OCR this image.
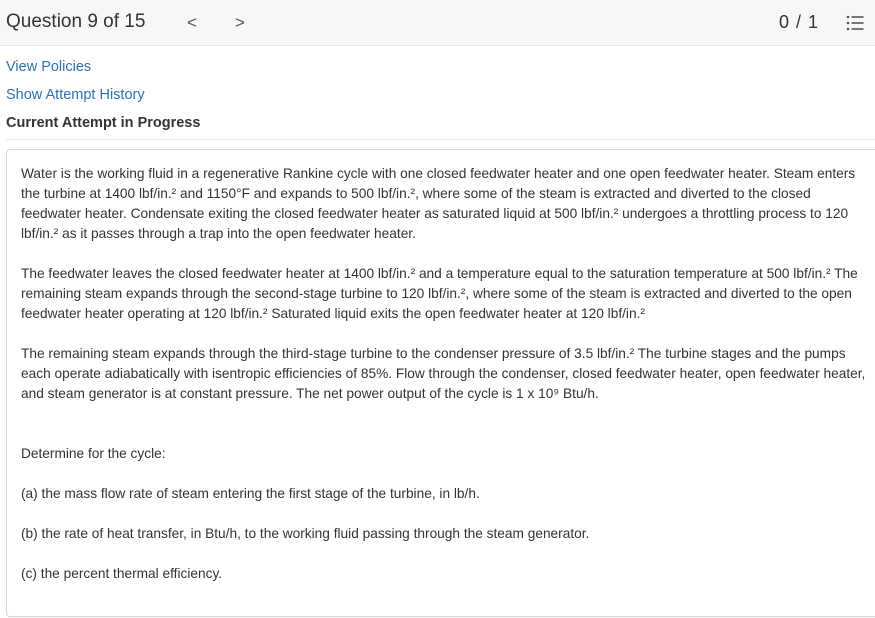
Question 9 of 15 < >	0 / 1
View Policies
Show Attempt History
Current Attempt in Progress

Water is the working fluid in a regenerative Rankine cycle with one closed feedwater heater and one open feedwater heater. Steam enters the turbine at 1400 lbf/in.² and 1150°F and expands to 500 lbf/in.², where some of the steam is extracted and diverted to the closed feedwater heater. Condensate exiting the closed feedwater heater as saturated liquid at 500 lbf/in.² undergoes a throttling process to 120 lbf/in.² as it passes through a trap into the open feedwater heater.

The feedwater leaves the closed feedwater heater at 1400 lbf/in.² and a temperature equal to the saturation temperature at 500 lbf/in.² The remaining steam expands through the second-stage turbine to 120 lbf/in.², where some of the steam is extracted and diverted to the open feedwater heater operating at 120 lbf/in.² Saturated liquid exits the open feedwater heater at 120 lbf/in.²

The remaining steam expands through the third-stage turbine to the condenser pressure of 3.5 lbf/in.² The turbine stages and the pumps each operate adiabatically with isentropic efficiencies of 85%. Flow through the condenser, closed feedwater heater, open feedwater heater, and steam generator is at constant pressure. The net power output of the cycle is 1 x 10⁹ Btu/h.

Determine for the cycle:

(a) the mass flow rate of steam entering the first stage of the turbine, in lb/h.

(b) the rate of heat transfer, in Btu/h, to the working fluid passing through the steam generator.

(c) the percent thermal efficiency.
